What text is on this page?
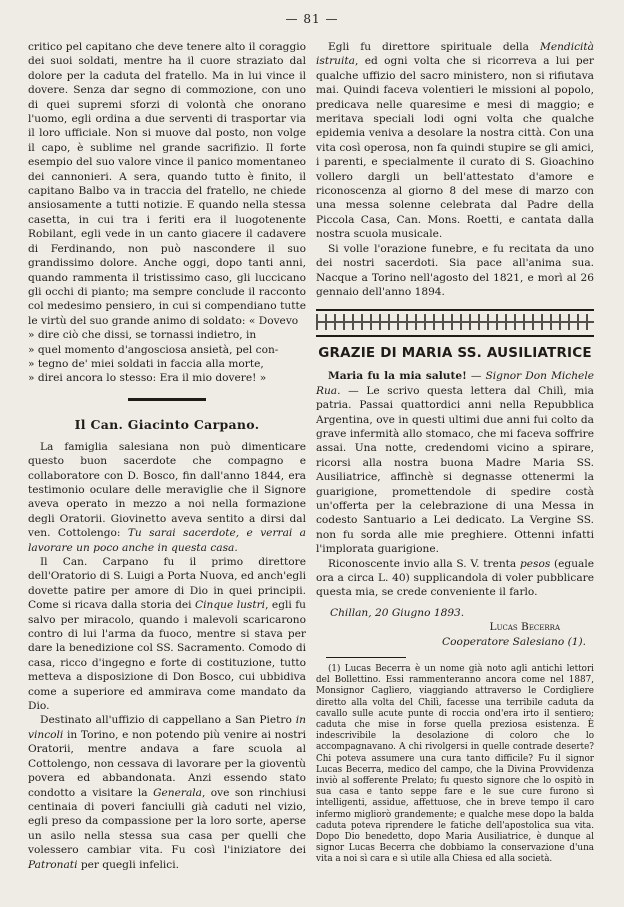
— 81 —

critico pel capitano che deve tenere alto il coraggio dei suoi soldati, mentre ha il cuore straziato dal dolore per la caduta del fratello. Ma in lui vince il dovere. Senza dar segno di commozione, con uno di quei supremi sforzi di volontà che onorano l'uomo, egli ordina a due serventi di trasportar via il loro ufficiale. Non si muove dal posto, non volge il capo, è sublime nel grande sacrifizio. Il forte esempio del suo valore vince il panico momentaneo dei cannonieri. A sera, quando tutto è finito, il capitano Balbo va in traccia del fratello, ne chiede ansiosamente a tutti notizie. E quando nella stessa casetta, in cui tra i feriti era il luogotenente Robilant, egli vede in un canto giacere il cadavere di Ferdinando, non può nascondere il suo grandissimo dolore. Anche oggi, dopo tanti anni, quando rammenta il tristissimo caso, gli luccicano gli occhi di pianto; ma sempre conclude il racconto col medesimo pensiero, in cui si compendiano tutte le virtù del suo grande animo di soldato: « Dovevo

» dire ciò che dissi, se tornassi indietro, in
» quel momento d'angosciosa ansietà, pel con-
» tegno de' miei soldati in faccia alla morte,
» direi ancora lo stesso: Era il mio dovere! »
Il Can. Giacinto Carpano.

La famiglia salesiana non può dimenticare questo buon sacerdote che compagno e collaboratore con D. Bosco, fin dall'anno 1844, era testimonio oculare delle meraviglie che il Signore aveva operato in mezzo a noi nella formazione degli Oratorii. Giovinetto aveva sentito a dirsi dal ven. Cottolengo: Tu sarai sacerdote, e verrai a lavorare un poco anche in questa casa.

Il Can. Carpano fu il primo direttore dell'Oratorio di S. Luigi a Porta Nuova, ed anch'egli dovette patire per amore di Dio in quei principii. Come si ricava dalla storia dei Cinque lustri, egli fu salvo per miracolo, quando i malevoli scaricarono contro di lui l'arma da fuoco, mentre si stava per dare la benedizione col SS. Sacramento. Comodo di casa, ricco d'ingegno e forte di costituzione, tutto metteva a disposizione di Don Bosco, cui ubbidiva come a superiore ed ammirava come mandato da Dio.

Destinato all'uffizio di cappellano a San Pietro in vincoli in Torino, e non potendo più venire ai nostri Oratorii, mentre andava a fare scuola al Cottolengo, non cessava di lavorare per la gioventù povera ed abbandonata. Anzi essendo stato condotto a visitare la Generala, ove son rinchiusi centinaia di poveri fanciulli già caduti nel vizio, egli preso da compassione per la loro sorte, aperse un asilo nella stessa sua casa per quelli che volessero cambiar vita. Fu così l'iniziatore dei Patronati per quegli infelici.

Egli fu direttore spirituale della Mendicità istruita, ed ogni volta che si ricorreva a lui per qualche uffizio del sacro ministero, non si rifiutava mai. Quindi faceva volentieri le missioni al popolo, predicava nelle quaresime e mesi di maggio; e meritava speciali lodi ogni volta che qualche epidemia veniva a desolare la nostra città. Con una vita così operosa, non fa quindi stupire se gli amici, i parenti, e specialmente il curato di S. Gioachino vollero dargli un bell'attestato d'amore e riconoscenza al giorno 8 del mese di marzo con una messa solenne celebrata dal Padre della Piccola Casa, Can. Mons. Roetti, e cantata dalla nostra scuola musicale.

Si volle l'orazione funebre, e fu recitata da uno dei nostri sacerdoti. Sia pace all'anima sua. Nacque a Torino nell'agosto del 1821, e morì al 26 gennaio dell'anno 1894.

GRAZIE DI MARIA SS. AUSILIATRICE

Maria fu la mia salute! — Signor Don Michele Rua. — Le scrivo questa lettera dal Chilì, mia patria. Passai quattordici anni nella Repubblica Argentina, ove in questi ultimi due anni fui colto da grave infermità allo stomaco, che mi faceva soffrire assai. Una notte, credendomi vicino a spirare, ricorsi alla nostra buona Madre Maria SS. Ausiliatrice, affinchè si degnasse ottenermi la guarigione, promettendole di spedire costà un'offerta per la celebrazione di una Messa in codesto Santuario a Lei dedicato. La Vergine SS. non fu sorda alle mie preghiere. Ottenni infatti l'implorata guarigione.

Riconoscente invio alla S. V. trenta pesos (eguale ora a circa L. 40) supplicandola di voler pubblicare questa mia, se crede conveniente il farlo.

Chillan, 20 Giugno 1893.
Lucas Becerra
Cooperatore Salesiano (1).

(1) Lucas Becerra è un nome già noto agli antichi lettori del Bollettino. Essi rammenteranno ancora come nel 1887, Monsignor Cagliero, viaggiando attraverso le Cordigliere diretto alla volta del Chilì, facesse una terribile caduta da cavallo sulle acute punte di roccia ond'era irto il sentiero; caduta che mise in forse quella preziosa esistenza. È indescrivibile la desolazione di coloro che lo accompagnavano. A chi rivolgersi in quelle contrade deserte? Chi poteva assumere una cura tanto difficile? Fu il signor Lucas Becerra, medico del campo, che la Divina Provvidenza inviò al sofferente Prelato; fu questo signore che lo ospitò in sua casa e tanto seppe fare e le sue cure furono sì intelligenti, assidue, affettuose, che in breve tempo il caro infermo migliorò grandemente; e qualche mese dopo la balda caduta poteva riprendere le fatiche dell'apostolica sua vita. Dopo Dio benedetto, dopo Maria Ausiliatrice, è dunque al signor Lucas Becerra che dobbiamo la conservazione d'una vita a noi sì cara e sì utile alla Chiesa ed alla società.
